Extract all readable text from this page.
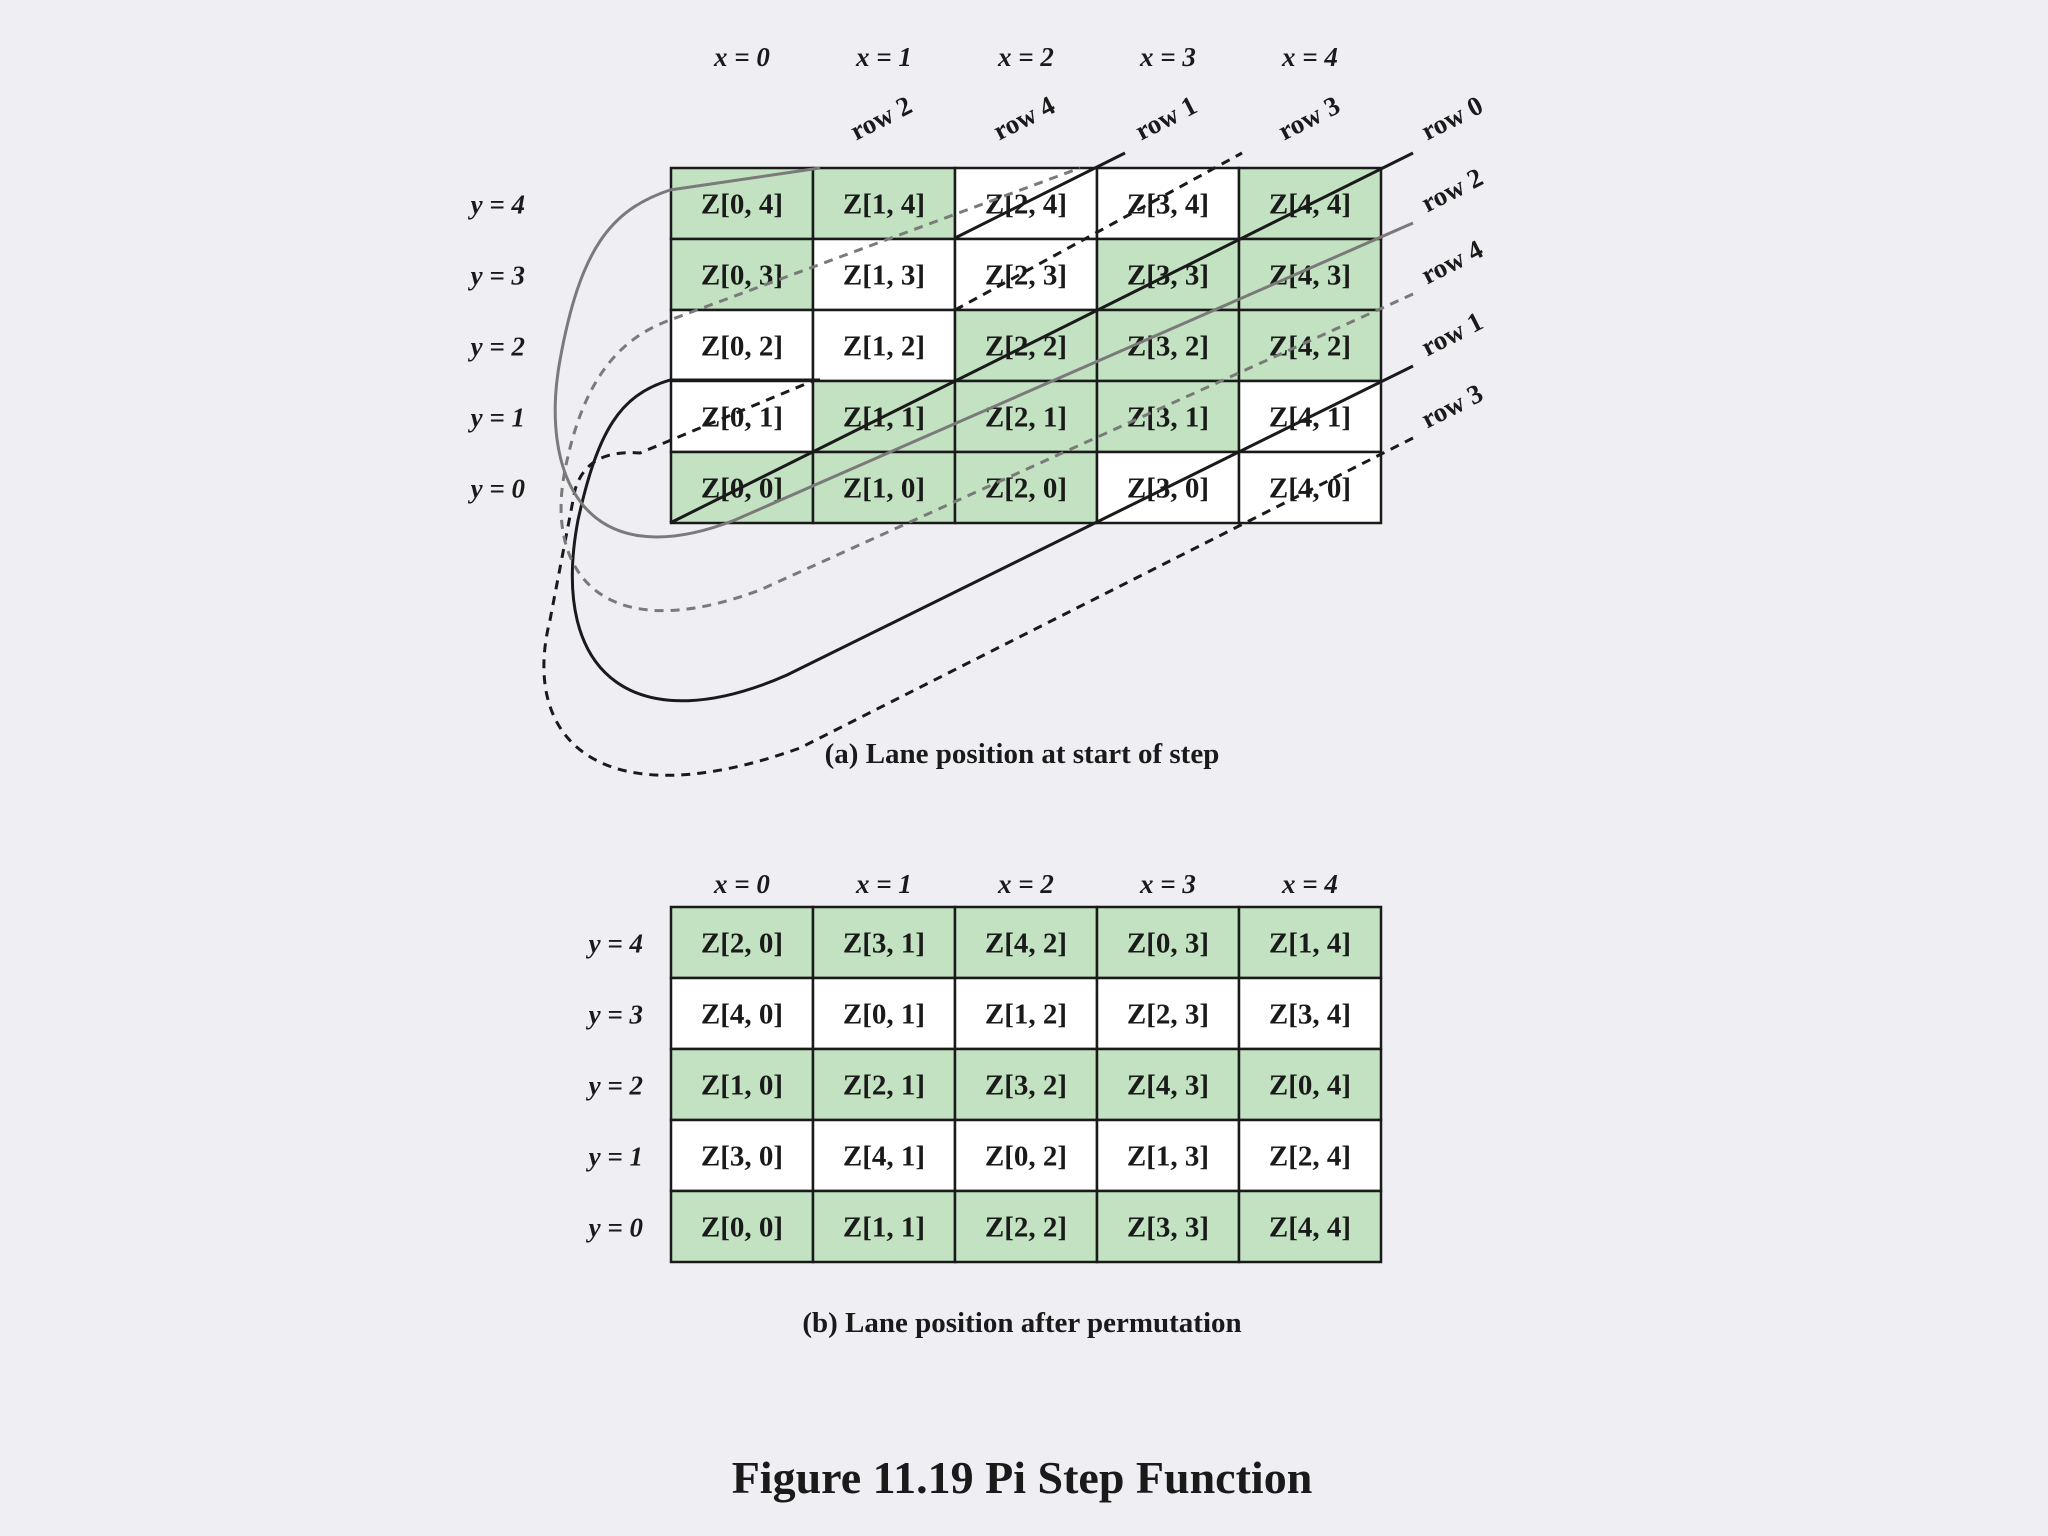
Z[0, 4] Z[1, 4] Z[2, 4] Z[3, 4] Z[4, 4]
Z[0, 3] Z[1, 3] Z[2, 3] Z[3, 3] Z[4, 3]
Z[0, 2] Z[1, 2] Z[2, 2] Z[3, 2] Z[4, 2]
Z[0, 1] Z[1, 1] Z[2, 1] Z[3, 1] Z[4, 1]
Z[0, 0] Z[1, 0] Z[2, 0] Z[3, 0] Z[4, 0]
x = 0	x = 1	x = 2	x = 3	x = 4
y = 4
y = 3
y = 2
y = 1
y = 0
row 2	row 4	row 1	row 3	row 0
row 2
row 4
row 1
row 3
Z[2, 0] Z[3, 1] Z[4, 2] Z[0, 3] Z[1, 4]
Z[4, 0] Z[0, 1] Z[1, 2] Z[2, 3] Z[3, 4]
Z[1, 0] Z[2, 1] Z[3, 2] Z[4, 3] Z[0, 4]
Z[3, 0] Z[4, 1] Z[0, 2] Z[1, 3] Z[2, 4]
Z[0, 0] Z[1, 1] Z[2, 2] Z[3, 3] Z[4, 4]
x = 0	x = 1	x = 2	x = 3	x = 4
y = 4
y = 3
y = 2
y = 1
y = 0
(a) Lane position at start of step
(b) Lane position after permutation
Figure 11.19 Pi Step Function
